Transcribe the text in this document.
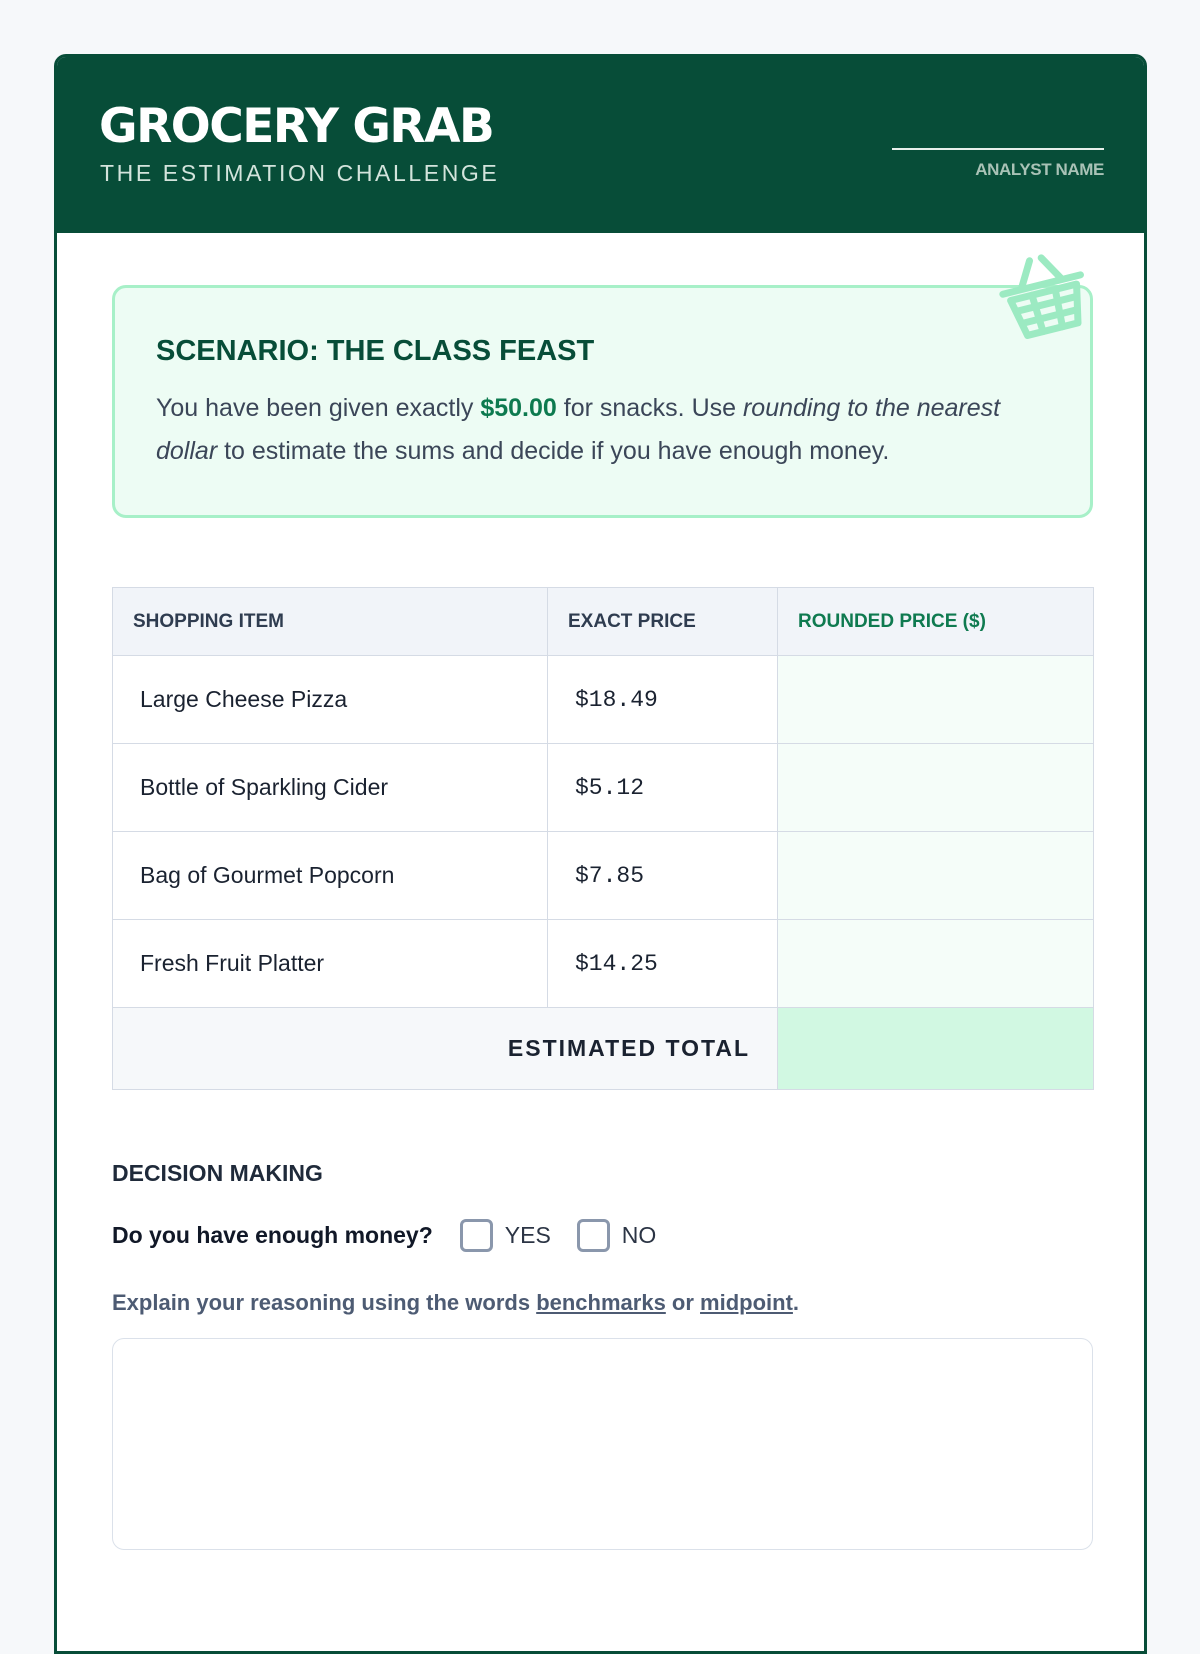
GROCERY GRAB
THE ESTIMATION CHALLENGE	ANALYST NAME
SCENARIO: THE CLASS FEAST
You have been given exactly $50.00 for snacks. Use rounding to the nearest dollar to estimate the sums and decide if you have enough money.
SHOPPING ITEM	EXACT PRICE	ROUNDED PRICE ($)
Large Cheese Pizza	$18.49	
Bottle of Sparkling Cider	$5.12	
Bag of Gourmet Popcorn	$7.85	
Fresh Fruit Platter	$14.25	
ESTIMATED TOTAL		
DECISION MAKING
Do you have enough money?	YES	NO
Explain your reasoning using the words benchmarks or midpoint.
